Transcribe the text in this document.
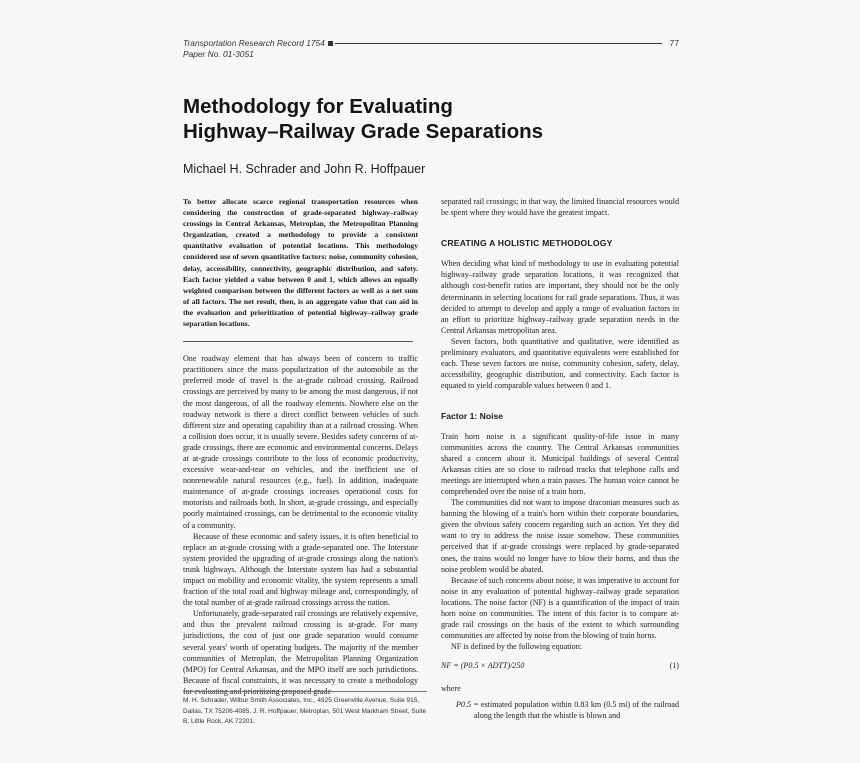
Transportation Research Record 1754	77
Paper No. 01-3051
Methodology for Evaluating
Highway–Railway Grade Separations
Michael H. Schrader and John R. Hoffpauer

To better allocate scarce regional transportation resources when considering the construction of grade-separated highway–railway crossings in Central Arkansas, Metroplan, the Metropolitan Planning Organization, created a methodology to provide a consistent quantitative evaluation of potential locations. This methodology considered use of seven quantitative factors: noise, community cohesion, delay, accessibility, connectivity, geographic distribution, and safety. Each factor yielded a value between 0 and 1, which allows an equally weighted comparison between the different factors as well as a net sum of all factors. The net result, then, is an aggregate value that can aid in the evaluation and prioritization of potential highway–railway grade separation locations.

One roadway element that has always been of concern to traffic practitioners since the mass popularization of the automobile as the preferred mode of travel is the at-grade railroad crossing. Railroad crossings are perceived by many to be among the most dangerous, if not the most dangerous, of all the roadway elements. Nowhere else on the roadway network is there a direct conflict between vehicles of such different size and operating capability than at a railroad crossing. When a collision does occur, it is usually severe. Besides safety concerns of at-grade crossings, there are economic and environmental concerns. Delays at at-grade crossings contribute to the loss of economic productivity, excessive wear-and-tear on vehicles, and the inefficient use of nonrenewable natural resources (e.g., fuel). In addition, inadequate maintenance of at-grade crossings increases operational costs for motorists and railroads both. In short, at-grade crossings, and especially poorly maintained crossings, can be detrimental to the economic vitality of a community.

Because of these economic and safety issues, it is often beneficial to replace an at-grade crossing with a grade-separated one. The Interstate system provided the upgrading of at-grade crossings along the nation's trunk highways. Although the Interstate system has had a substantial impact on mobility and economic vitality, the system represents a small fraction of the total road and highway mileage and, correspondingly, of the total number of at-grade railroad crossings across the nation.

Unfortunately, grade-separated rail crossings are relatively expensive, and thus the prevalent railroad crossing is at-grade. For many jurisdictions, the cost of just one grade separation would consume several years' worth of operating budgets. The majority of the member communities of Metroplan, the Metropolitan Planning Organization (MPO) for Central Arkansas, and the MPO itself are such jurisdictions. Because of fiscal constraints, it was necessary to create a methodology for evaluating and prioritizing proposed grade-

M. H. Schrader, Wilbur Smith Associates, Inc., 4925 Greenville Avenue, Suite 915, Dallas, TX 75206-4085. J. R. Hoffpauer, Metroplan, 501 West Markham Street, Suite B, Little Rock, AK 72201.

separated rail crossings; in that way, the limited financial resources would be spent where they would have the greatest impact.

CREATING A HOLISTIC METHODOLOGY

When deciding what kind of methodology to use in evaluating potential highway–railway grade separation locations, it was recognized that although cost-benefit ratios are important, they should not be the only determinants in selecting locations for rail grade separations. Thus, it was decided to attempt to develop and apply a range of evaluation factors in an effort to prioritize highway–railway grade separation needs in the Central Arkansas metropolitan area.

Seven factors, both quantitative and qualitative, were identified as preliminary evaluators, and quantitative equivalents were established for each. These seven factors are noise, community cohesion, safety, delay, accessibility, geographic distribution, and connectivity. Each factor is equated to yield comparable values between 0 and 1.

Factor 1: Noise

Train horn noise is a significant quality-of-life issue in many communities across the country. The Central Arkansas communities shared a concern about it. Municipal buildings of several Central Arkansas cities are so close to railroad tracks that telephone calls and meetings are interrupted when a train passes. The human voice cannot be comprehended over the noise of a train horn.

The communities did not want to impose draconian measures such as banning the blowing of a train's horn within their corporate boundaries, given the obvious safety concern regarding such an action. Yet they did want to try to address the noise issue somehow. These communities perceived that if at-grade crossings were replaced by grade-separated ones, the trains would no longer have to blow their horns, and thus the noise problem would be abated.

Because of such concerns about noise, it was imperative to account for noise in any evaluation of potential highway–railway grade separation locations. The noise factor (NF) is a quantification of the impact of train horn noise on communities. The intent of this factor is to compare at-grade rail crossings on the basis of the extent to which surrounding communities are affected by noise from the blowing of train horns.

NF is defined by the following equation:

NF = (P0.5 × ADTT)/250	(1)

where

P0.5 = estimated population within 0.83 km (0.5 mi) of the railroad along the length that the whistle is blown and
